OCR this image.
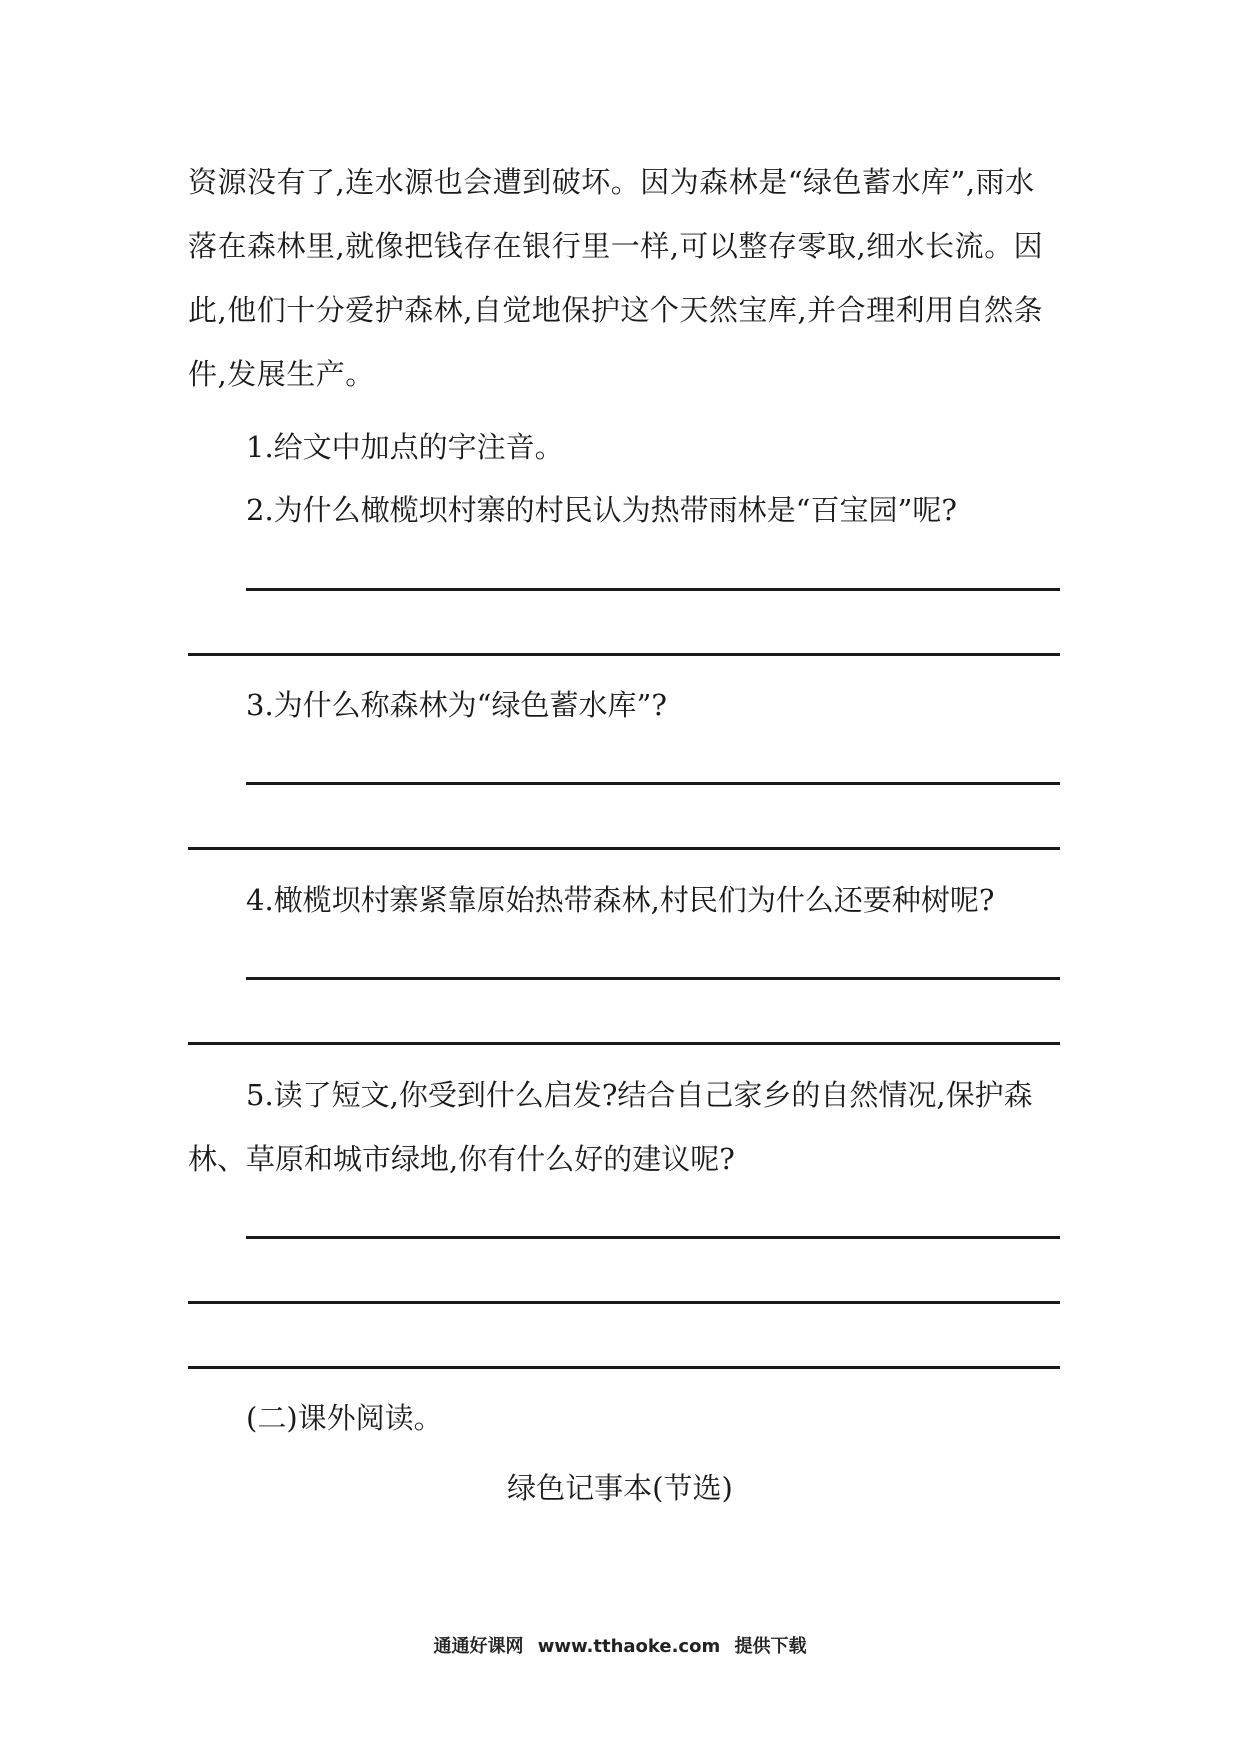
资源没有了,连水源也会遭到破坏。因为森林是“绿色蓄水库”,雨水

落在森林里,就像把钱存在银行里一样,可以整存零取,细水长流。因

此,他们十分爱护森林,自觉地保护这个天然宝库,并合理利用自然条

件,发展生产。

1.给文中加点的字注音。

2.为什么橄榄坝村寨的村民认为热带雨林是“百宝园”呢?

3.为什么称森林为“绿色蓄水库”?

4.橄榄坝村寨紧靠原始热带森林,村民们为什么还要种树呢?

5.读了短文,你受到什么启发?结合自己家乡的自然情况,保护森

林、草原和城市绿地,你有什么好的建议呢?

(二)课外阅读。

绿色记事本(节选)

通通好课网 www.tthaoke.com 提供下载
